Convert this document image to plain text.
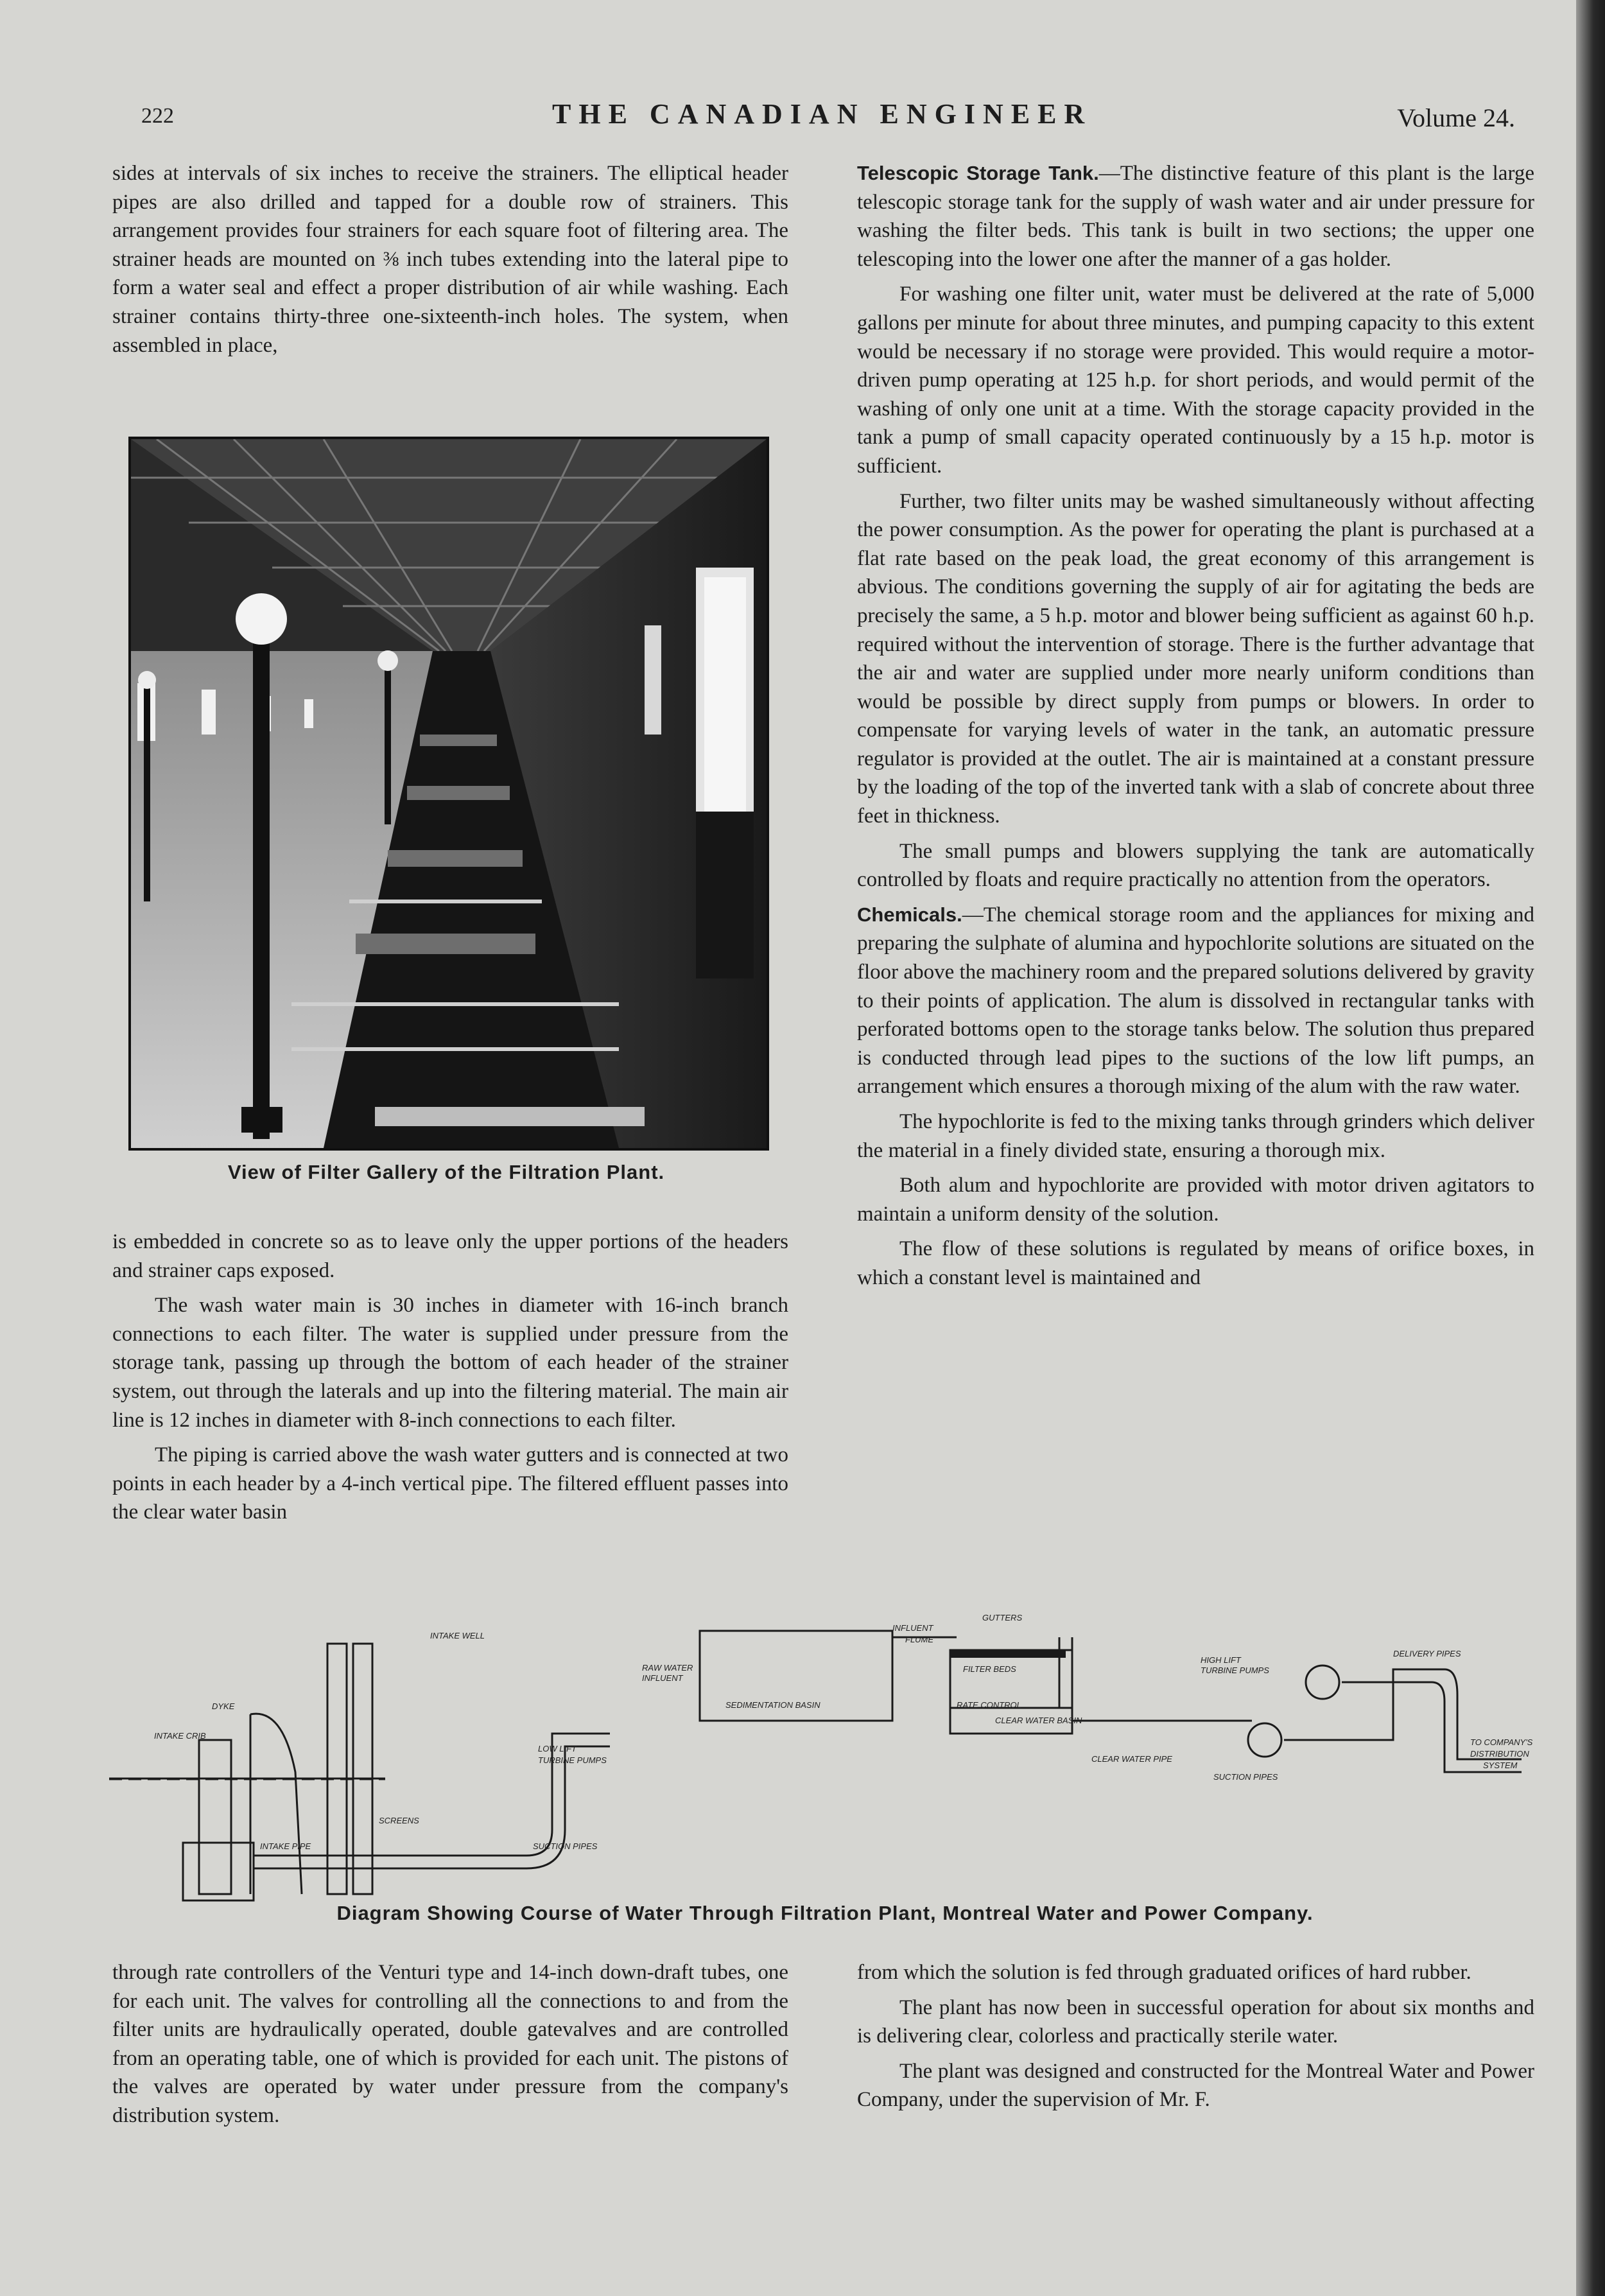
222	THE CANADIAN ENGINEER	Volume 24.

sides at intervals of six inches to receive the strainers. The elliptical header pipes are also drilled and tapped for a double row of strainers. This arrangement provides four strainers for each square foot of filtering area. The strainer heads are mounted on ⅜ inch tubes extending into the lateral pipe to form a water seal and effect a proper distribution of air while washing. Each strainer contains thirty-three one-sixteenth-inch holes. The system, when assembled in place,

View of Filter Gallery of the Filtration Plant.

is embedded in concrete so as to leave only the upper portions of the headers and strainer caps exposed.

The wash water main is 30 inches in diameter with 16-inch branch connections to each filter. The water is supplied under pressure from the storage tank, passing up through the bottom of each header of the strainer system, out through the laterals and up into the filtering material. The main air line is 12 inches in diameter with 8-inch connections to each filter.

The piping is carried above the wash water gutters and is connected at two points in each header by a 4-inch vertical pipe. The filtered effluent passes into the clear water basin

Telescopic Storage Tank.—The distinctive feature of this plant is the large telescopic storage tank for the supply of wash water and air under pressure for washing the filter beds. This tank is built in two sections; the upper one telescoping into the lower one after the manner of a gas holder.

For washing one filter unit, water must be delivered at the rate of 5,000 gallons per minute for about three minutes, and pumping capacity to this extent would be necessary if no storage were provided. This would require a motor-driven pump operating at 125 h.p. for short periods, and would permit of the washing of only one unit at a time. With the storage capacity provided in the tank a pump of small capacity operated continuously by a 15 h.p. motor is sufficient.

Further, two filter units may be washed simultaneously without affecting the power consumption. As the power for operating the plant is purchased at a flat rate based on the peak load, the great economy of this arrangement is abvious. The conditions governing the supply of air for agitating the beds are precisely the same, a 5 h.p. motor and blower being sufficient as against 60 h.p. required without the intervention of storage. There is the further advantage that the air and water are supplied under more nearly uniform conditions than would be possible by direct supply from pumps or blowers. In order to compensate for varying levels of water in the tank, an automatic pressure regulator is provided at the outlet. The air is maintained at a constant pressure by the loading of the top of the inverted tank with a slab of concrete about three feet in thickness.

The small pumps and blowers supplying the tank are automatically controlled by floats and require practically no attention from the operators.

Chemicals.—The chemical storage room and the appliances for mixing and preparing the sulphate of alumina and hypochlorite solutions are situated on the floor above the machinery room and the prepared solutions delivered by gravity to their points of application. The alum is dissolved in rectangular tanks with perforated bottoms open to the storage tanks below. The solution thus prepared is conducted through lead pipes to the suctions of the low lift pumps, an arrangement which ensures a thorough mixing of the alum with the raw water.

The hypochlorite is fed to the mixing tanks through grinders which deliver the material in a finely divided state, ensuring a thorough mix.

Both alum and hypochlorite are provided with motor driven agitators to maintain a uniform density of the solution.

The flow of these solutions is regulated by means of orifice boxes, in which a constant level is maintained and

INTAKE WELL
DYKE
INTAKE CRIB
SCREENS
INTAKE PIPE
LOW LIFT
TURBINE PUMPS
SUCTION PIPES
RAW WATER
INFLUENT
SEDIMENTATION BASIN
INFLUENT
FLUME
GUTTERS
FILTER BEDS
RATE CONTROL
CLEAR WATER BASIN
CLEAR WATER PIPE
SUCTION PIPES
HIGH LIFT
TURBINE PUMPS
DELIVERY PIPES
TO COMPANY'S
DISTRIBUTION
SYSTEM
Diagram Showing Course of Water Through Filtration Plant, Montreal Water and Power Company.

through rate controllers of the Venturi type and 14-inch down-draft tubes, one for each unit. The valves for controlling all the connections to and from the filter units are hydraulically operated, double gatevalves and are controlled from an operating table, one of which is provided for each unit. The pistons of the valves are operated by water under pressure from the company's distribution system.

from which the solution is fed through graduated orifices of hard rubber.

The plant has now been in successful operation for about six months and is delivering clear, colorless and practically sterile water.

The plant was designed and constructed for the Montreal Water and Power Company, under the supervision of Mr. F.
